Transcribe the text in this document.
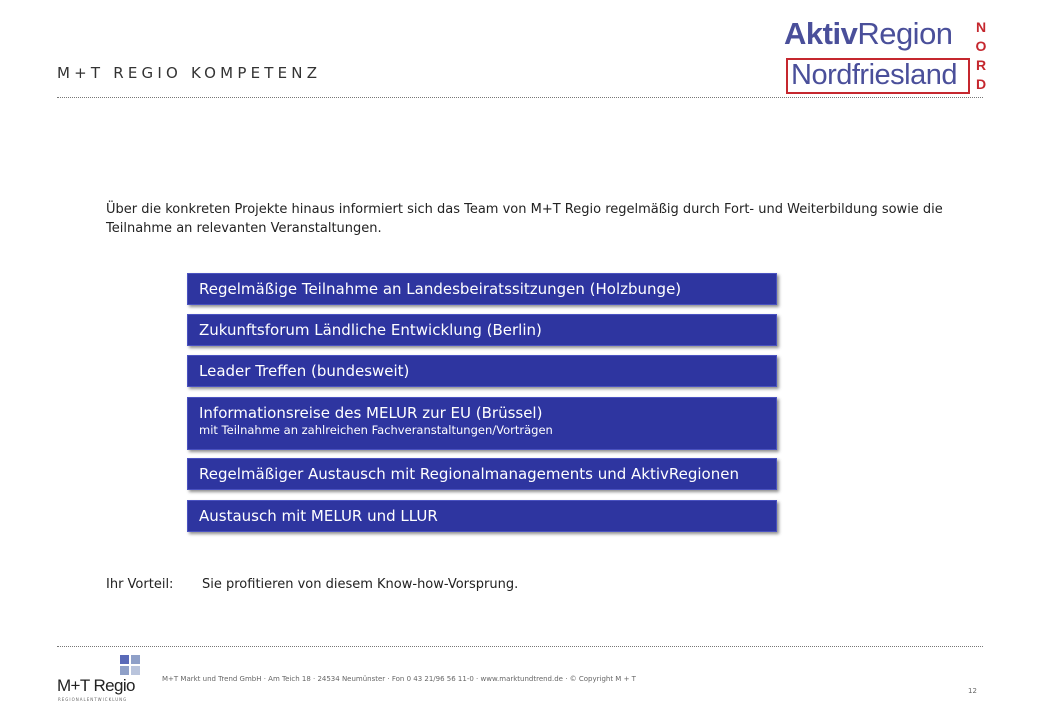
M+T REGIO KOMPETENZ
AktivRegion
Nordfriesland
N
O
R
D
Über die konkreten Projekte hinaus informiert sich das Team von M+T Regio regelmäßig durch Fort- und Weiterbildung sowie die Teilnahme an relevanten Veranstaltungen.
Regelmäßige Teilnahme an Landesbeiratssitzungen (Holzbunge)
Zukunftsforum Ländliche Entwicklung (Berlin)
Leader Treffen (bundesweit)
Informationsreise des MELUR zur EU (Brüssel)
mit Teilnahme an zahlreichen Fachveranstaltungen/Vorträgen
Regelmäßiger Austausch mit Regionalmanagements und AktivRegionen
Austausch mit MELUR und LLUR
Ihr Vorteil: Sie profitieren von diesem Know-how-Vorsprung.
M+T Regio
REGIONALENTWICKLUNG
M+T Markt und Trend GmbH · Am Teich 18 · 24534 Neumünster · Fon 0 43 21/96 56 11-0 · www.marktundtrend.de · © Copyright M + T
12
